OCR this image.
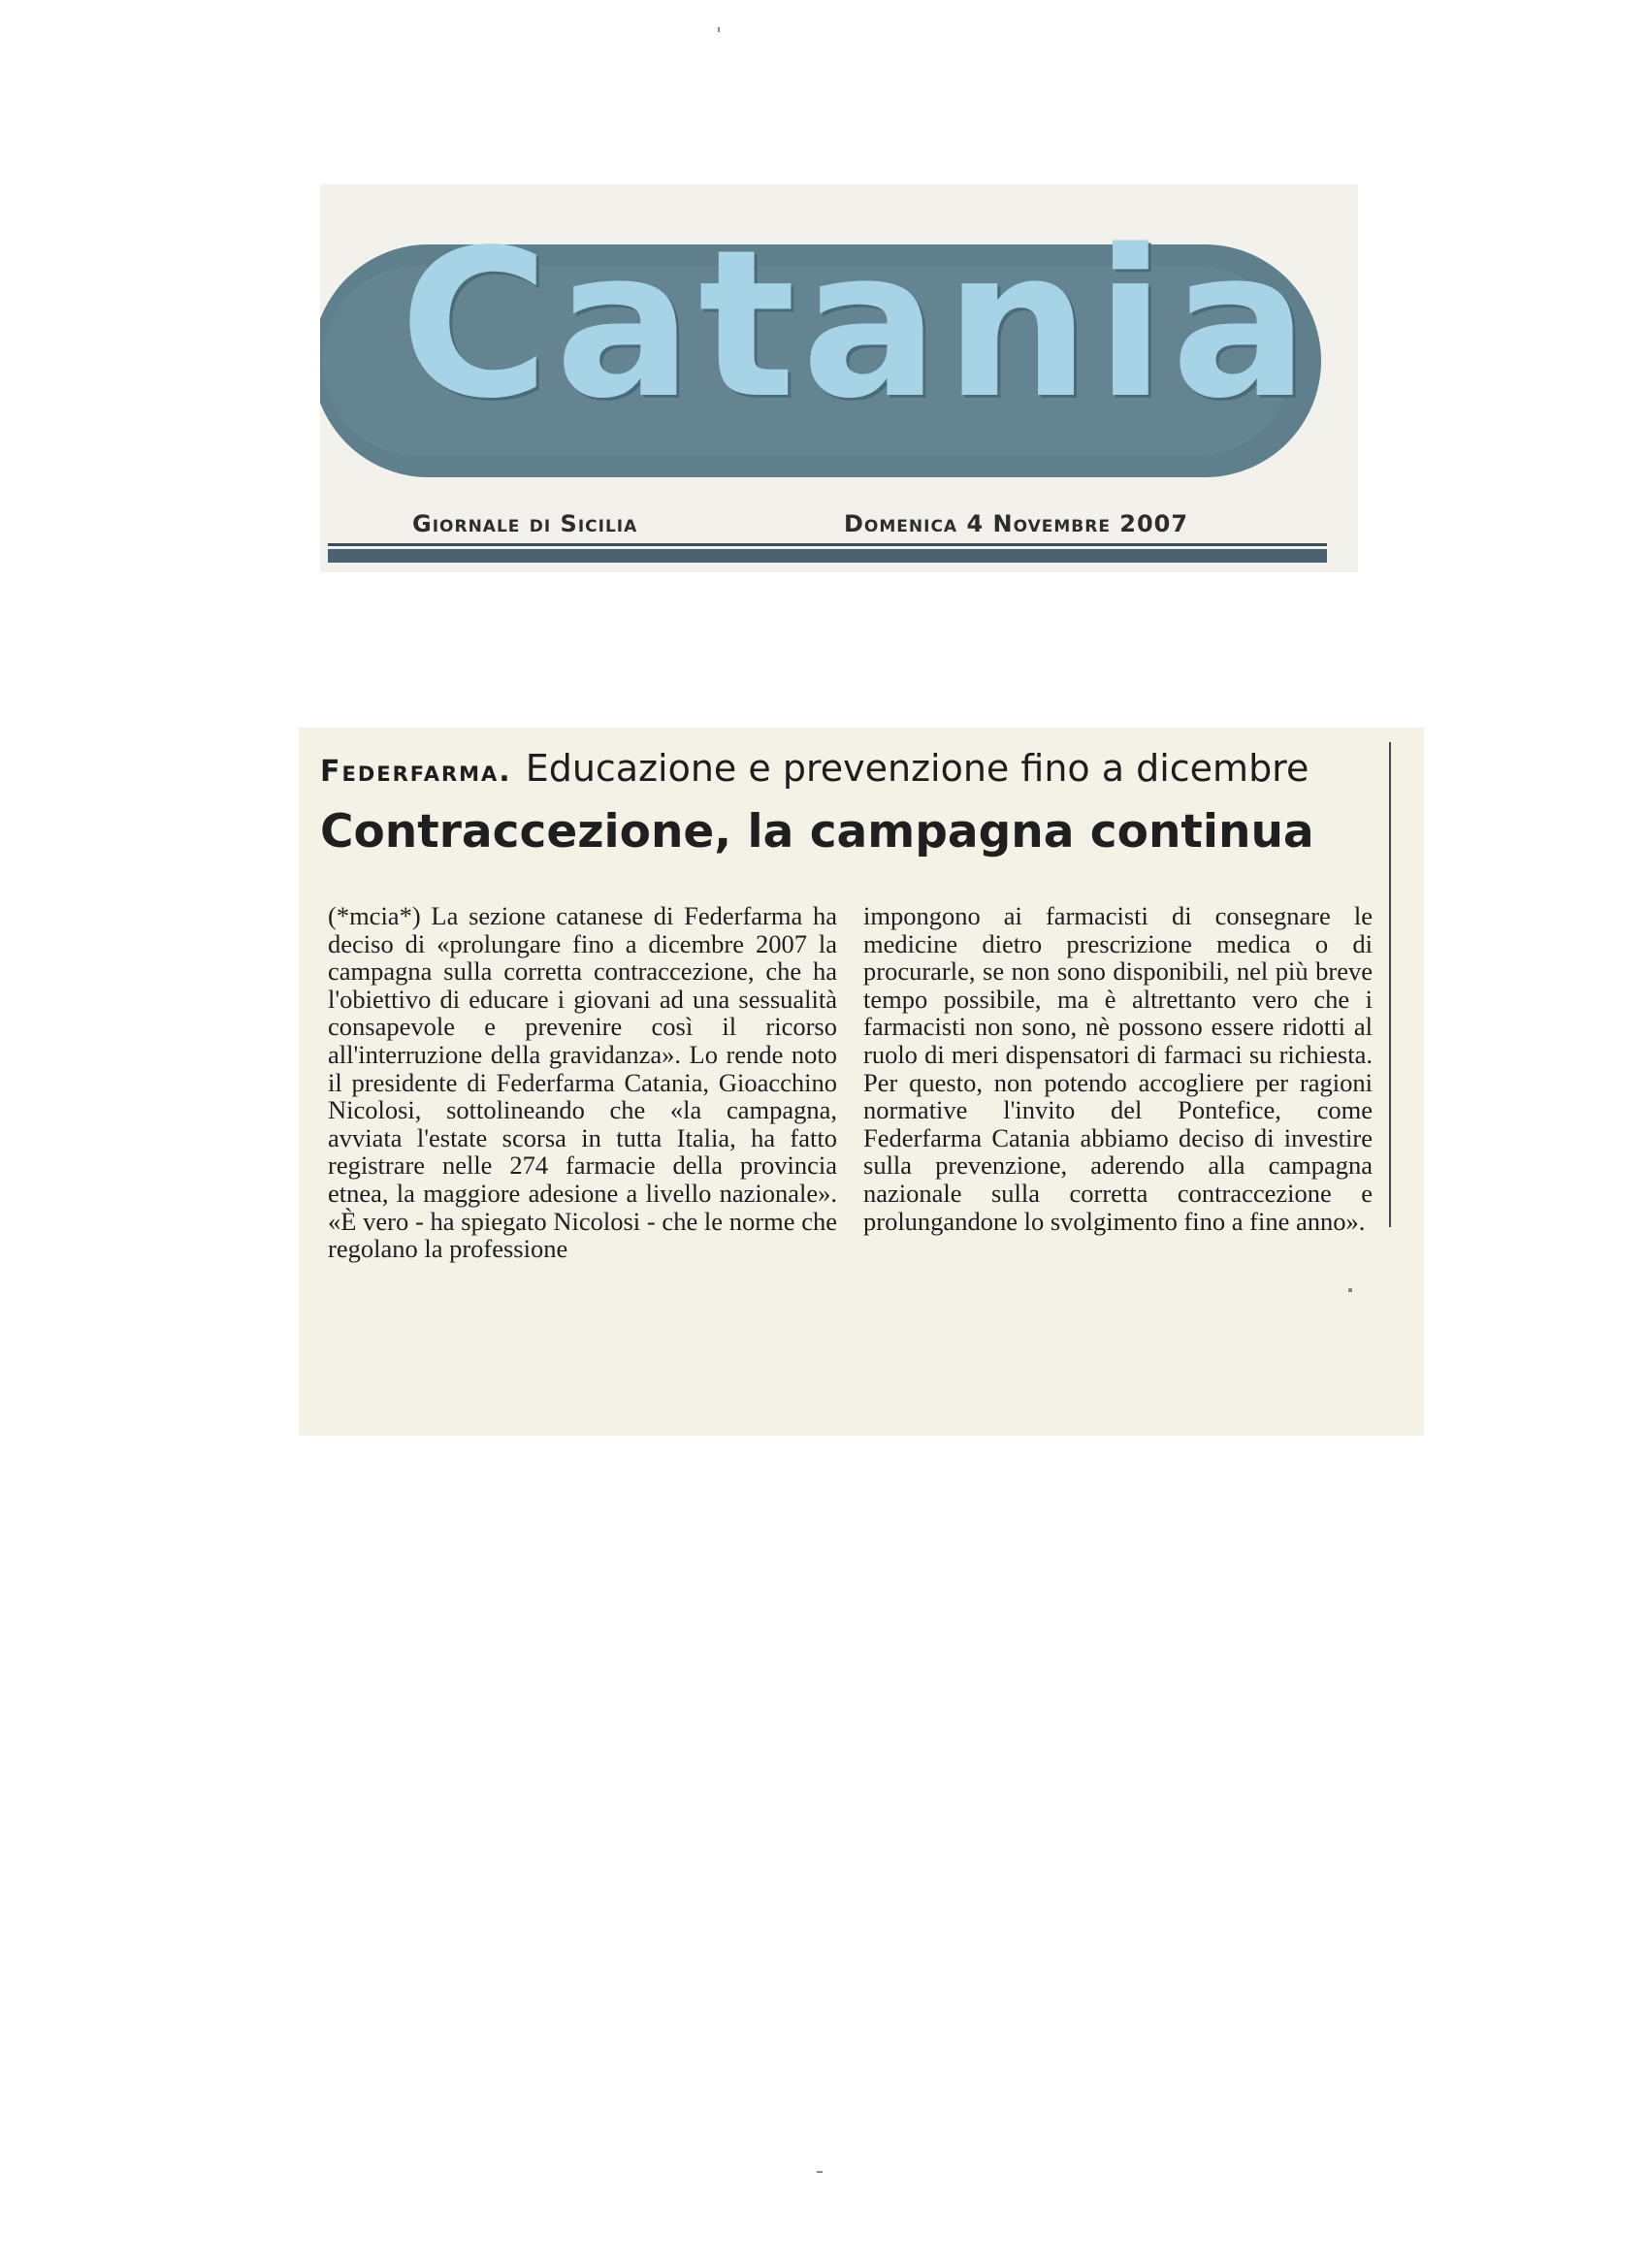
Catania
Giornale di Sicilia	Domenica 4 Novembre 2007
Federfarma. Educazione e prevenzione fino a dicembre
Contraccezione, la campagna continua
(*mcia*) La sezione catanese di Federfarma ha deciso di «prolungare fino a dicembre 2007 la campagna sulla corretta contraccezione, che ha l'obiettivo di educare i giovani ad una sessualità consapevole e prevenire così il ricorso all'interruzione della gravidanza». Lo rende noto il presidente di Federfarma Catania, Gioacchino Nicolosi, sottolineando che «la campagna, avviata l'estate scorsa in tutta Italia, ha fatto registrare nelle 274 farmacie della provincia etnea, la maggiore adesione a livello nazionale». «È vero - ha spiegato Nicolosi - che le norme che regolano la professione
impongono ai farmacisti di consegnare le medicine dietro prescrizione medica o di procurarle, se non sono disponibili, nel più breve tempo possibile, ma è altrettanto vero che i farmacisti non sono, nè possono essere ridotti al ruolo di meri dispensatori di farmaci su richiesta. Per questo, non potendo accogliere per ragioni normative l'invito del Pontefice, come Federfarma Catania abbiamo deciso di investire sulla prevenzione, aderendo alla campagna nazionale sulla corretta contraccezione e prolungandone lo svolgimento fino a fine anno».
